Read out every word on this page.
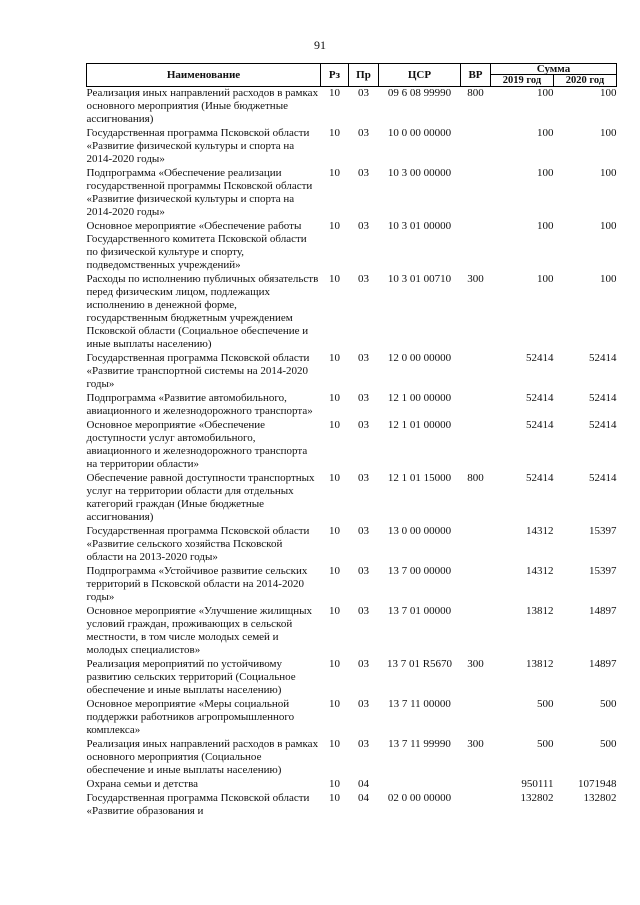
91
Наименование	Рз	Пр	ЦСР	ВР	Сумма	
					2019 год	2020 год
Реализация иных направлений расходов в рамках основного мероприятия (Иные бюджетные ассигнования)	10	03	09 6 08 99990	800	100	100
Государственная программа Псковской области «Развитие физической культуры и спорта на 2014-2020 годы»	10	03	10 0 00 00000		100	100
Подпрограмма «Обеспечение реализации государственной программы Псковской области «Развитие физической культуры и спорта на 2014-2020 годы»	10	03	10 3 00 00000		100	100
Основное мероприятие «Обеспечение работы Государственного комитета Псковской области по физической культуре и спорту, подведомственных учреждений»	10	03	10 3 01 00000		100	100
Расходы по исполнению публичных обязательств перед физическим лицом, подлежащих исполнению в денежной форме, государственным бюджетным учреждением Псковской области (Социальное обеспечение и иные выплаты населению)	10	03	10 3 01 00710	300	100	100
Государственная программа Псковской области «Развитие транспортной системы на 2014-2020 годы»	10	03	12 0 00 00000		52414	52414
Подпрограмма «Развитие автомобильного, авиационного и железнодорожного транспорта»	10	03	12 1 00 00000		52414	52414
Основное мероприятие «Обеспечение доступности услуг автомобильного, авиационного и железнодорожного транспорта на территории области»	10	03	12 1 01 00000		52414	52414
Обеспечение равной доступности транспортных услуг на территории области для отдельных категорий граждан (Иные бюджетные ассигнования)	10	03	12 1 01 15000	800	52414	52414
Государственная программа Псковской области «Развитие сельского хозяйства Псковской области на 2013-2020 годы»	10	03	13 0 00 00000		14312	15397
Подпрограмма «Устойчивое развитие сельских территорий в Псковской области на 2014-2020 годы»	10	03	13 7 00 00000		14312	15397
Основное мероприятие «Улучшение жилищных условий граждан, проживающих в сельской местности, в том числе молодых семей и молодых специалистов»	10	03	13 7 01 00000		13812	14897
Реализация мероприятий по устойчивому развитию сельских территорий (Социальное обеспечение и иные выплаты населению)	10	03	13 7 01 R5670	300	13812	14897
Основное мероприятие «Меры социальной поддержки работников агропромышленного комплекса»	10	03	13 7 11 00000		500	500
Реализация иных направлений расходов в рамках основного мероприятия (Социальное обеспечение и иные выплаты населению)	10	03	13 7 11 99990	300	500	500
Охрана семьи и детства	10	04			950111	1071948
Государственная программа Псковской области «Развитие образования и	10	04	02 0 00 00000		132802	132802
